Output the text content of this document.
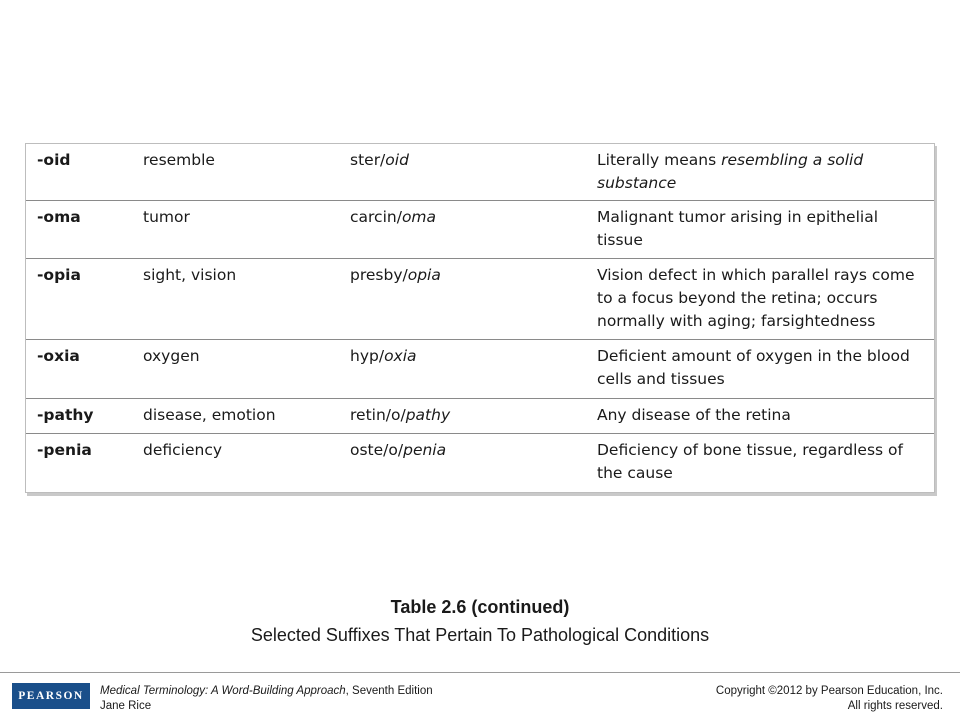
-oid	resemble	ster/oid	Literally means resembling a solid substance
-oma	tumor	carcin/oma	Malignant tumor arising in epithelial tissue
-opia	sight, vision	presby/opia	Vision defect in which parallel rays come to a focus beyond the retina; occurs normally with aging; farsightedness
-oxia	oxygen	hyp/oxia	Deficient amount of oxygen in the blood cells and tissues
-pathy	disease, emotion	retin/o/pathy	Any disease of the retina
-penia	deficiency	oste/o/penia	Deficiency of bone tissue, regardless of the cause
Table 2.6 (continued)
Selected Suffixes That Pertain To Pathological Conditions
PEARSON Medical Terminology: A Word-Building Approach, Seventh Edition
Jane Rice
Copyright ©2012 by Pearson Education, Inc.
All rights reserved.
